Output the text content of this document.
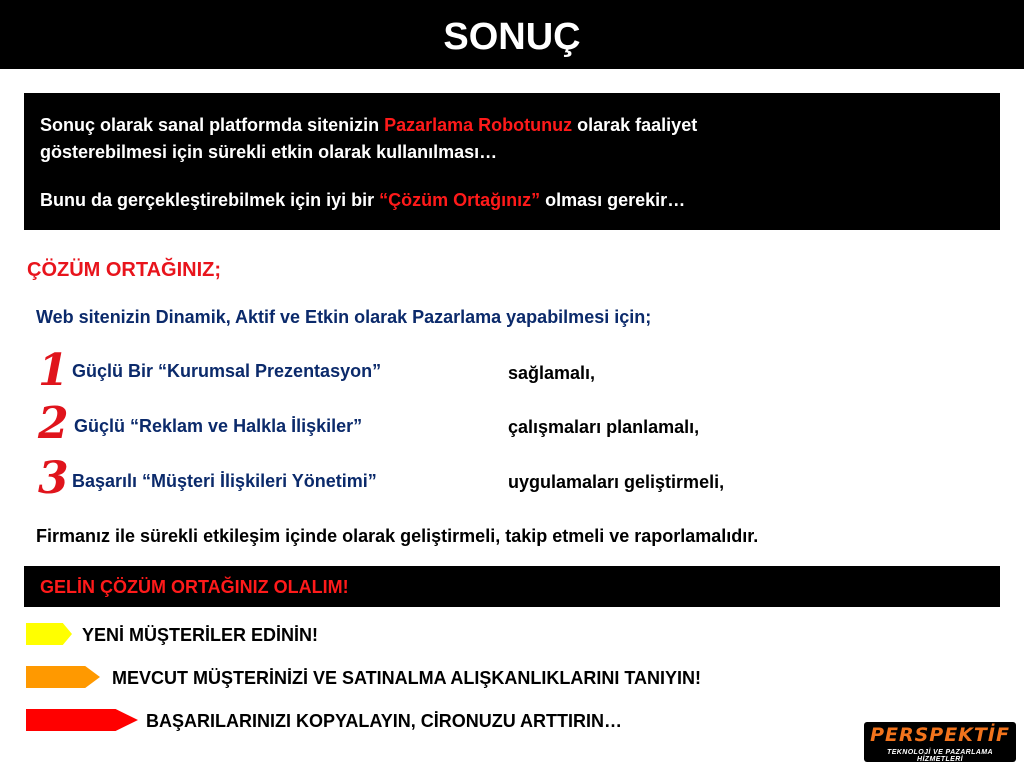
SONUÇ

Sonuç olarak sanal platformda sitenizin Pazarlama Robotunuz olarak faaliyet

gösterebilmesi için sürekli etkin olarak kullanılması…

Bunu da gerçekleştirebilmek için iyi bir “Çözüm Ortağınız” olması gerekir…

ÇÖZÜM ORTAĞINIZ;
Web sitenizin Dinamik, Aktif ve Etkin olarak Pazarlama yapabilmesi için;
1 Güçlü Bir “Kurumsal Prezentasyon”	sağlamalı,
2 Güçlü “Reklam ve Halkla İlişkiler”	çalışmaları planlamalı,
3 Başarılı “Müşteri İlişkileri Yönetimi”	uygulamaları geliştirmeli,
Firmanız ile sürekli etkileşim içinde olarak geliştirmeli, takip etmeli ve raporlamalıdır.
GELİN ÇÖZÜM ORTAĞINIZ OLALIM!
YENİ MÜŞTERİLER EDİNİN!
MEVCUT MÜŞTERİNİZİ VE SATINALMA ALIŞKANLIKLARINI TANIYIN!
BAŞARILARINIZI KOPYALAYIN, CİRONUZU ARTTIRIN…
PERSPEKTİF
TEKNOLOJİ VE PAZARLAMA HİZMETLERİ
